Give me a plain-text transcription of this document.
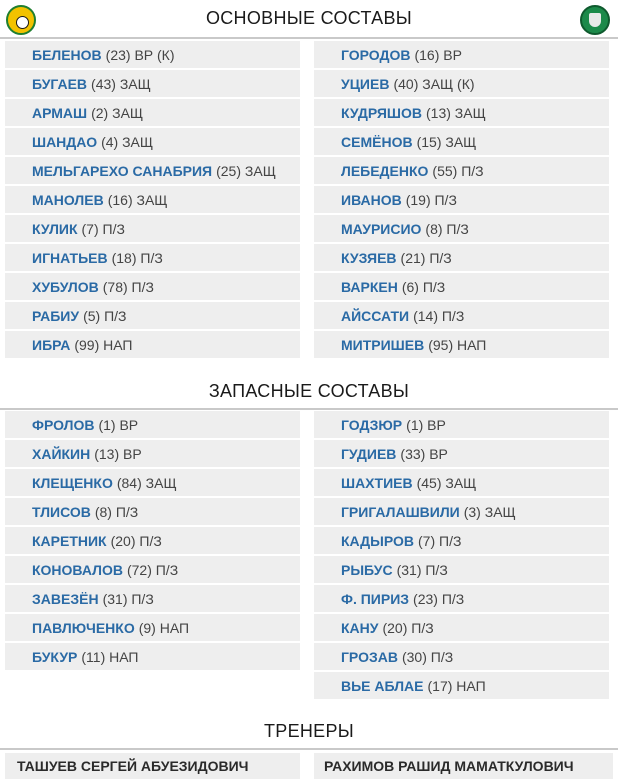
ОСНОВНЫЕ СОСТАВЫ
БЕЛЕНОВ (23) ВР (К)
БУГАЕВ (43) ЗАЩ
АРМАШ (2) ЗАЩ
ШАНДАО (4) ЗАЩ
МЕЛЬГАРЕХО САНАБРИЯ (25) ЗАЩ
МАНОЛЕВ (16) ЗАЩ
КУЛИК (7) П/З
ИГНАТЬЕВ (18) П/З
ХУБУЛОВ (78) П/З
РАБИУ (5) П/З
ИБРА (99) НАП
ГОРОДОВ (16) ВР
УЦИЕВ (40) ЗАЩ (К)
КУДРЯШОВ (13) ЗАЩ
СЕМЁНОВ (15) ЗАЩ
ЛЕБЕДЕНКО (55) П/З
ИВАНОВ (19) П/З
МАУРИСИО (8) П/З
КУЗЯЕВ (21) П/З
ВАРКЕН (6) П/З
АЙССАТИ (14) П/З
МИТРИШЕВ (95) НАП
ЗАПАСНЫЕ СОСТАВЫ
ФРОЛОВ (1) ВР
ХАЙКИН (13) ВР
КЛЕЩЕНКО (84) ЗАЩ
ТЛИСОВ (8) П/З
КАРЕТНИК (20) П/З
КОНОВАЛОВ (72) П/З
ЗАВЕЗЁН (31) П/З
ПАВЛЮЧЕНКО (9) НАП
БУКУР (11) НАП
ГОДЗЮР (1) ВР
ГУДИЕВ (33) ВР
ШАХТИЕВ (45) ЗАЩ
ГРИГАЛАШВИЛИ (3) ЗАЩ
КАДЫРОВ (7) П/З
РЫБУС (31) П/З
Ф. ПИРИЗ (23) П/З
КАНУ (20) П/З
ГРОЗАВ (30) П/З
ВЬЕ АБЛАЕ (17) НАП
ТРЕНЕРЫ
ТАШУЕВ СЕРГЕЙ АБУЕЗИДОВИЧ	РАХИМОВ РАШИД МАМАТКУЛОВИЧ
